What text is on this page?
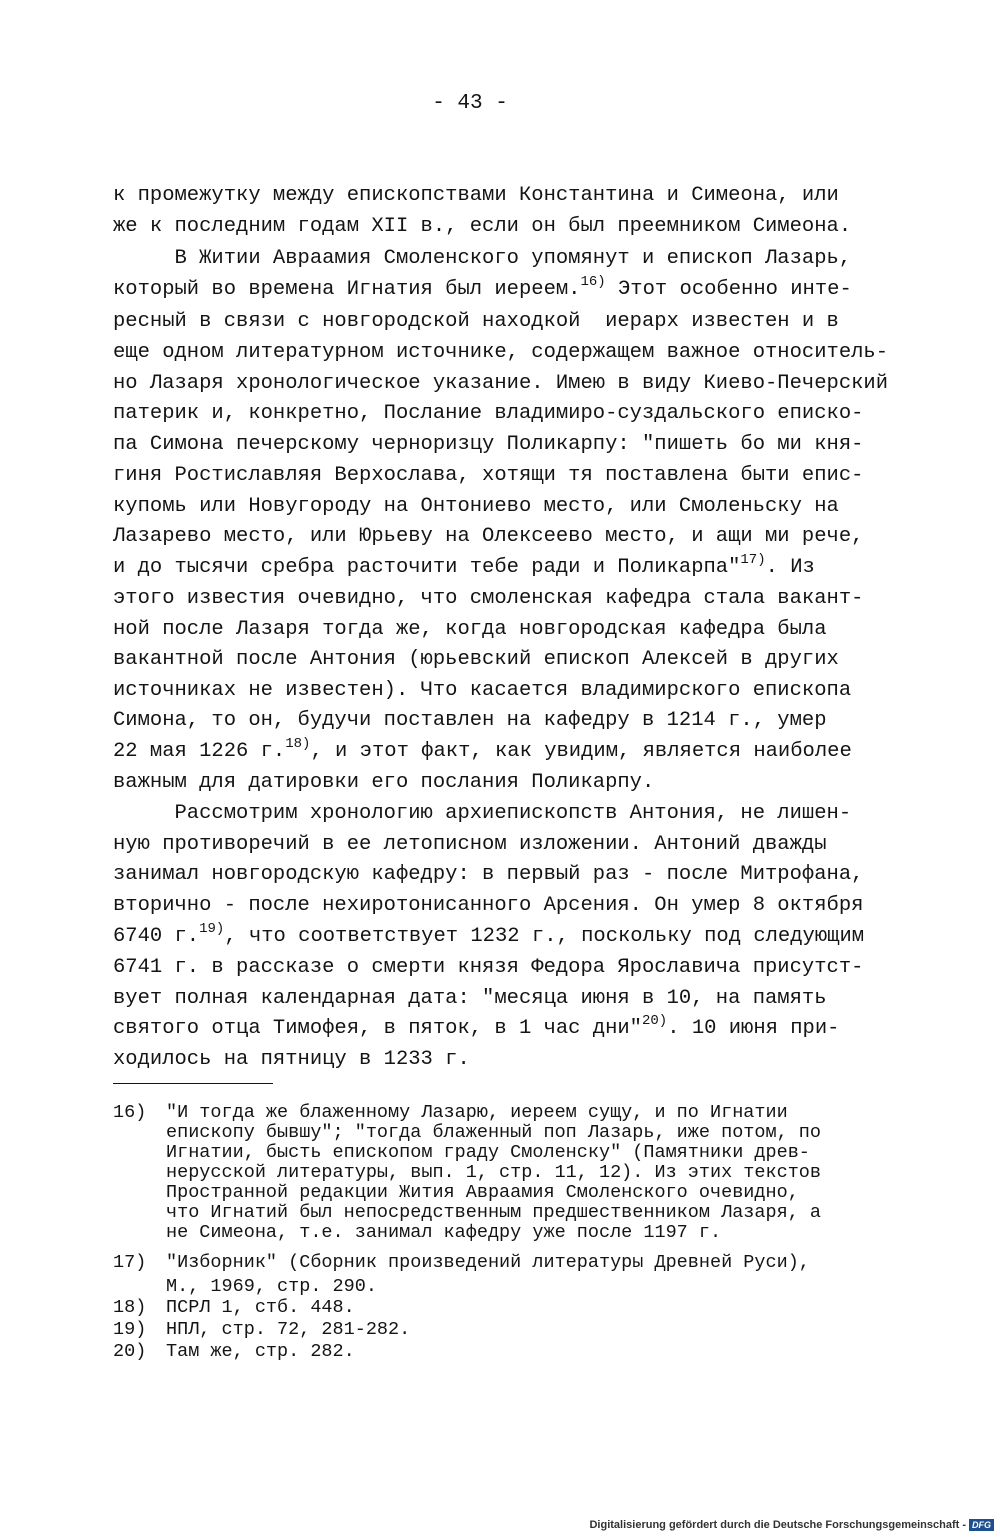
- 43 -
к промежутку между епископствами Константина и Симеона, или
же к последним годам XII в., если он был преемником Симеона.
В Житии Авраамия Смоленского упомянут и епископ Лазарь,
который во времена Игнатия был иереем.$^{16)}$ Этот особенно инте-
ресный в связи с новгородской находкой  иерарх известен и в
еще одном литературном источнике, содержащем важное относитель-
но Лазаря хронологическое указание. Имею в виду Киево-Печерский
патерик и, конкретно, Послание владимиро-суздальского еписко-
па Симона печерскому черноризцу Поликарпу: "пишеть бо ми кня-
гиня Ростиславляя Верхослава, хотящи тя поставлена быти епис-
купомь или Новугороду на Онтониево место, или Смоленьску на
Лазарево место, или Юрьеву на Олексеево место, и ащи ми рече,
и до тысячи сребра расточити тебе ради и Поликарпа"$^{17)}$. Из
этого известия очевидно, что смоленская кафедра стала вакант-
ной после Лазаря тогда же, когда новгородская кафедра была
вакантной после Антония (юрьевский епископ Алексей в других
источниках не известен). Что касается владимирского епископа
Симона, то он, будучи поставлен на кафедру в 1214 г., умер
22 мая 1226 г.$^{18)}$, и этот факт, как увидим, является наиболее
важным для датировки его послания Поликарпу.
Рассмотрим хронологию архиепископств Антония, не лишен-
ную противоречий в ее летописном изложении. Антоний дважды
занимал новгородскую кафедру: в первый раз - после Митрофана,
вторично - после нехиротонисанного Арсения. Он умер 8 октября
6740 г.$^{19)}$, что соответствует 1232 г., поскольку под следующим
6741 г. в рассказе о смерти князя Федора Ярославича присутст-
вует полная календарная дата: "месяца июня в 10, на память
святого отца Тимофея, в пяток, в 1 час дни"$^{20)}$. 10 июня при-
ходилось на пятницу в 1233 г.
16) "И тогда же блаженному Лазарю, иереем сущу, и по Игнатии
епископу бывшу"; "тогда блаженный поп Лазарь, иже потом, по
Игнатии, бысть епископом граду Смоленску" (Памятники древ-
нерусской литературы, вып. 1, стр. 11, 12). Из этих текстов
Пространной редакции Жития Авраамия Смоленского очевидно,
что Игнатий был непосредственным предшественником Лазаря, а
не Симеона, т.е. занимал кафедру уже после 1197 г.
17) "Изборник" (Сборник произведений литературы Древней Руси),
М., 1969, стр. 290.
18) ПСРЛ 1, стб. 448.
19) НПЛ, стр. 72, 281-282.
20) Там же, стр. 282.
Digitalisierung gefördert durch die Deutsche Forschungsgemeinschaft - DFG
